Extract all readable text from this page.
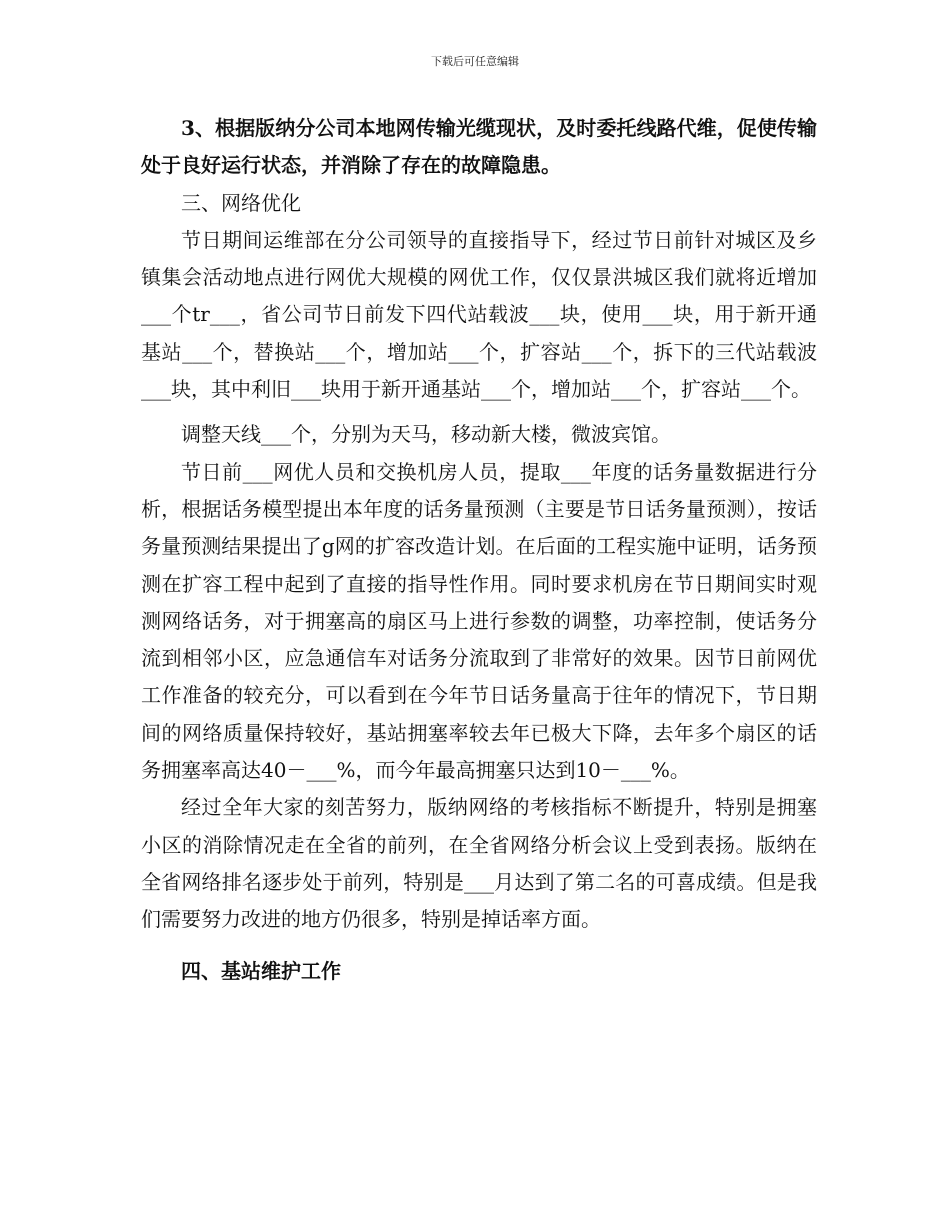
下载后可任意编辑

3、根据版纳分公司本地网传输光缆现状，及时委托线路代维，促使传输处于良好运行状态，并消除了存在的故障隐患。

三、网络优化

节日期间运维部在分公司领导的直接指导下，经过节日前针对城区及乡镇集会活动地点进行网优大规模的网优工作，仅仅景洪城区我们就将近增加___个tr___，省公司节日前发下四代站载波___块，使用___块，用于新开通基站___个，替换站___个，增加站___个，扩容站___个，拆下的三代站载波___块，其中利旧___块用于新开通基站___个，增加站___个，扩容站___个。

调整天线___个，分别为天马，移动新大楼，微波宾馆。

节日前___网优人员和交换机房人员，提取___年度的话务量数据进行分析，根据话务模型提出本年度的话务量预测（主要是节日话务量预测），按话务量预测结果提出了g网的扩容改造计划。在后面的工程实施中证明，话务预测在扩容工程中起到了直接的指导性作用。同时要求机房在节日期间实时观测网络话务，对于拥塞高的扇区马上进行参数的调整，功率控制，使话务分流到相邻小区，应急通信车对话务分流取到了非常好的效果。因节日前网优工作准备的较充分，可以看到在今年节日话务量高于往年的情况下，节日期间的网络质量保持较好，基站拥塞率较去年已极大下降，去年多个扇区的话务拥塞率高达40－___%，而今年最高拥塞只达到10－___%。

经过全年大家的刻苦努力，版纳网络的考核指标不断提升，特别是拥塞小区的消除情况走在全省的前列，在全省网络分析会议上受到表扬。版纳在全省网络排名逐步处于前列，特别是___月达到了第二名的可喜成绩。但是我们需要努力改进的地方仍很多，特别是掉话率方面。

四、基站维护工作
